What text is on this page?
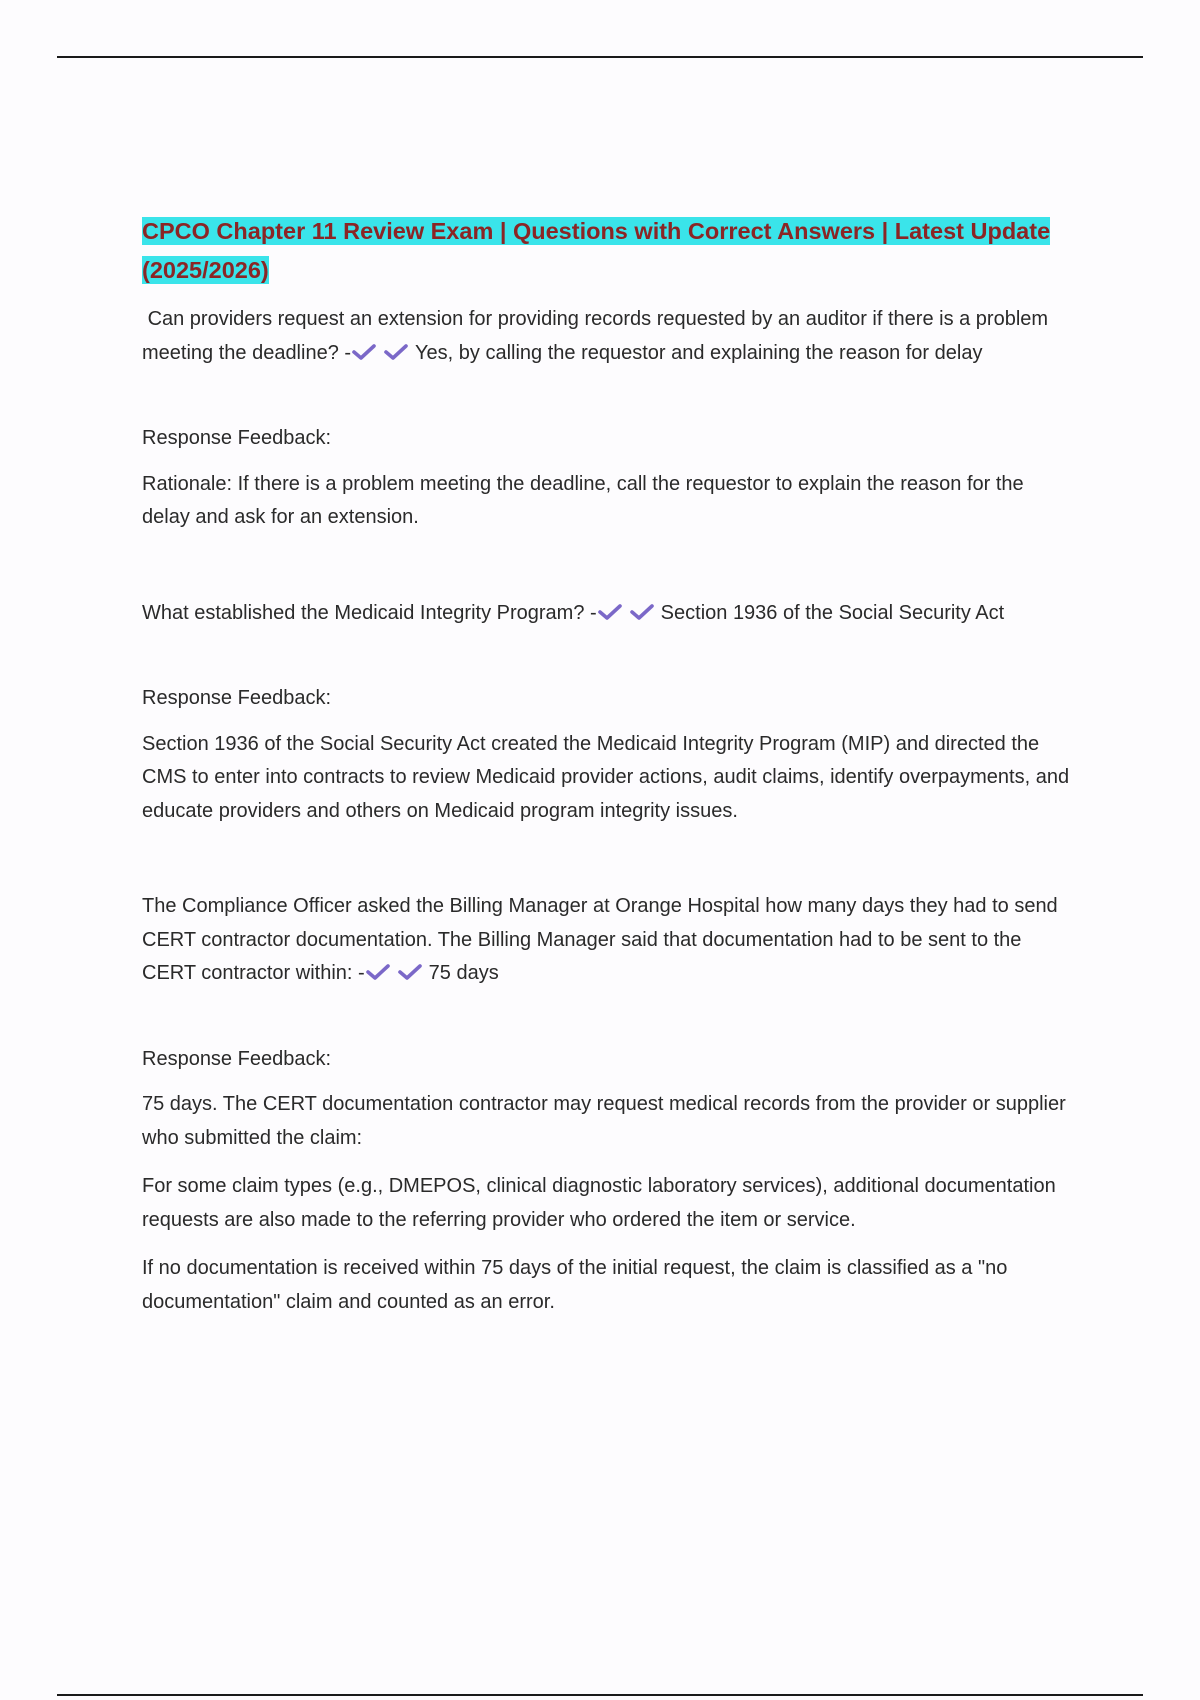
CPCO Chapter 11 Review Exam | Questions with Correct Answers | Latest Update (2025/2026)

Can providers request an extension for providing records requested by an auditor if there is a problem meeting the deadline? -	Yes, by calling the requestor and explaining the reason for delay

Response Feedback:

Rationale: If there is a problem meeting the deadline, call the requestor to explain the reason for the delay and ask for an extension.

What established the Medicaid Integrity Program? -	Section 1936 of the Social Security Act

Response Feedback:

Section 1936 of the Social Security Act created the Medicaid Integrity Program (MIP) and directed the CMS to enter into contracts to review Medicaid provider actions, audit claims, identify overpayments, and educate providers and others on Medicaid program integrity issues.

The Compliance Officer asked the Billing Manager at Orange Hospital how many days they had to send CERT contractor documentation. The Billing Manager said that documentation had to be sent to the CERT contractor within: -	75 days

Response Feedback:

75 days. The CERT documentation contractor may request medical records from the provider or supplier who submitted the claim:

For some claim types (e.g., DMEPOS, clinical diagnostic laboratory services), additional documentation requests are also made to the referring provider who ordered the item or service.

If no documentation is received within 75 days of the initial request, the claim is classified as a "no documentation" claim and counted as an error.
